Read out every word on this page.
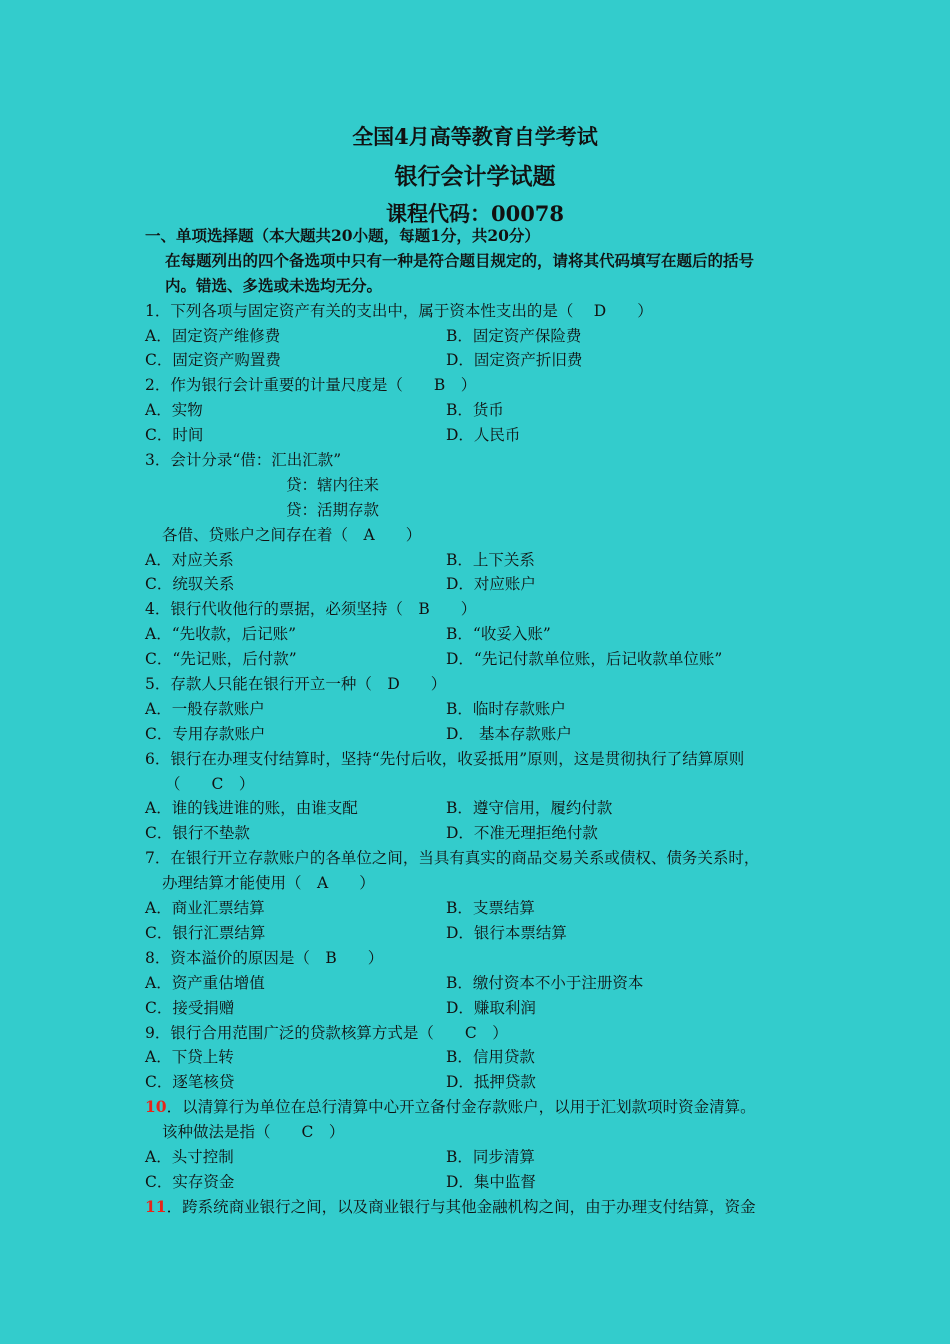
全国4月高等教育自学考试
银行会计学试题
课程代码：00078
一、单项选择题（本大题共20小题，每题1分，共20分）
在每题列出的四个备选项中只有一种是符合题目规定的，请将其代码填写在题后的括号
内。错选、多选或未选均无分。
1．下列各项与固定资产有关的支出中，属于资本性支出的是（　 D　　）
A．固定资产维修费	B．固定资产保险费
C．固定资产购置费	D．固定资产折旧费
2．作为银行会计重要的计量尺度是（　　B　）
A．实物	B．货币
C．时间	D．人民币
3．会计分录“借：汇出汇款”
贷：辖内往来
贷：活期存款
各借、贷账户之间存在着（　A　　）
A．对应关系	B．上下关系
C．统驭关系	D．对应账户
4．银行代收他行的票据，必须坚持（　B　　）
A．“先收款，后记账”	B．“收妥入账”
C．“先记账，后付款”	D．“先记付款单位账，后记收款单位账”
5．存款人只能在银行开立一种（　D　　）
A．一般存款账户	B．临时存款账户
C．专用存款账户	D． 基本存款账户
6．银行在办理支付结算时，坚持“先付后收，收妥抵用”原则，这是贯彻执行了结算原则
（　　C　）
A．谁的钱进谁的账，由谁支配	B．遵守信用，履约付款
C．银行不垫款	D．不准无理拒绝付款
7．在银行开立存款账户的各单位之间，当具有真实的商品交易关系或债权、债务关系时，
办理结算才能使用（　A　　）
A．商业汇票结算	B．支票结算
C．银行汇票结算	D．银行本票结算
8．资本溢价的原因是（　B　　）
A．资产重估增值	B．缴付资本不小于注册资本
C．接受捐赠	D．赚取利润
9．银行合用范围广泛的贷款核算方式是（　　C　）
A．下贷上转	B．信用贷款
C．逐笔核贷	D．抵押贷款
10．以清算行为单位在总行清算中心开立备付金存款账户，以用于汇划款项时资金清算。
该种做法是指（　　C　）
A．头寸控制	B．同步清算
C．实存资金	D．集中监督
11．跨系统商业银行之间，以及商业银行与其他金融机构之间，由于办理支付结算，资金
